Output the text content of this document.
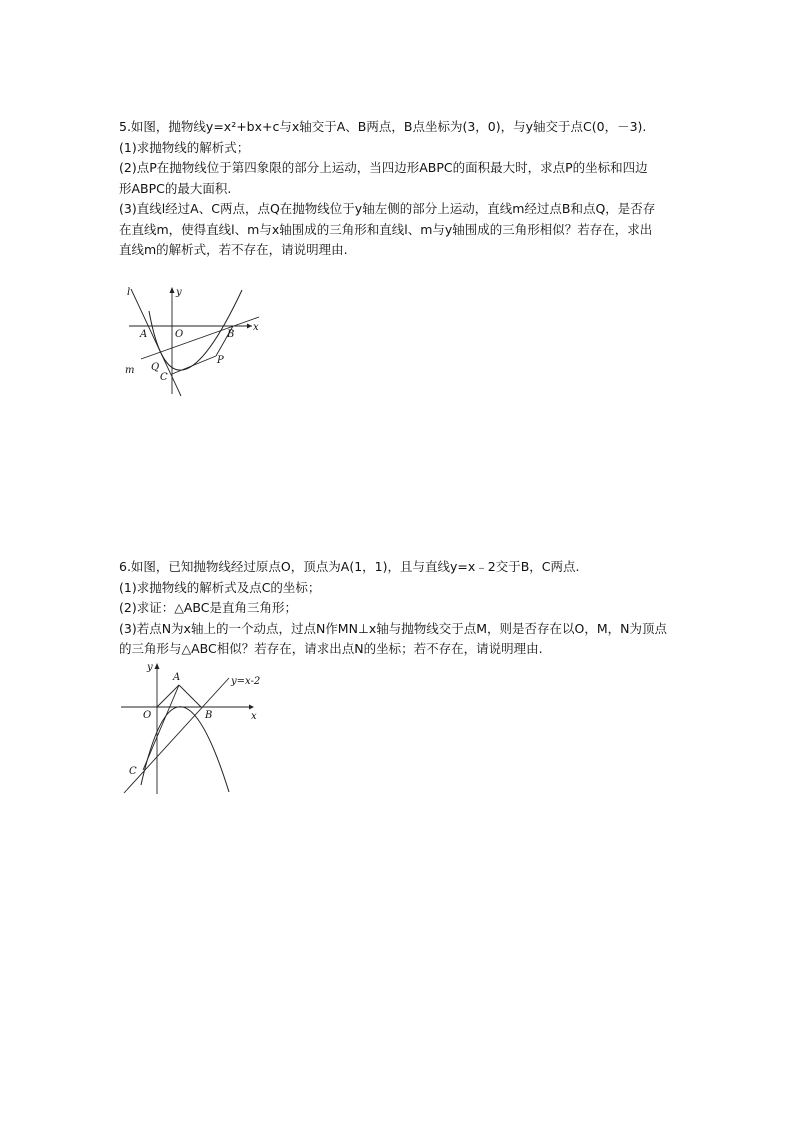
5.如图，抛物线y=x²+bx+c与x轴交于A、B两点，B点坐标为(3，0)，与y轴交于点C(0，－3).

(1)求抛物线的解析式；

(2)点P在抛物线位于第四象限的部分上运动，当四边形ABPC的面积最大时，求点P的坐标和四边

形ABPC的最大面积.

(3)直线l经过A、C两点，点Q在抛物线位于y轴左侧的部分上运动，直线m经过点B和点Q，是否存

在直线m，使得直线l、m与x轴围成的三角形和直线l、m与y轴围成的三角形相似？若存在，求出

直线m的解析式，若不存在，请说明理由.

l	y
A	O	B
x
m Q
C
P

6.如图，已知抛物线经过原点O，顶点为A(1，1)，且与直线y=x﹣2交于B，C两点.

(1)求抛物线的解析式及点C的坐标；

(2)求证：△ABC是直角三角形；

(3)若点N为x轴上的一个动点，过点N作MN⊥x轴与抛物线交于点M，则是否存在以O，M，N为顶点

的三角形与△ABC相似？若存在，请求出点N的坐标；若不存在，请说明理由.

y
A	y=x-2
O	B	x
C
